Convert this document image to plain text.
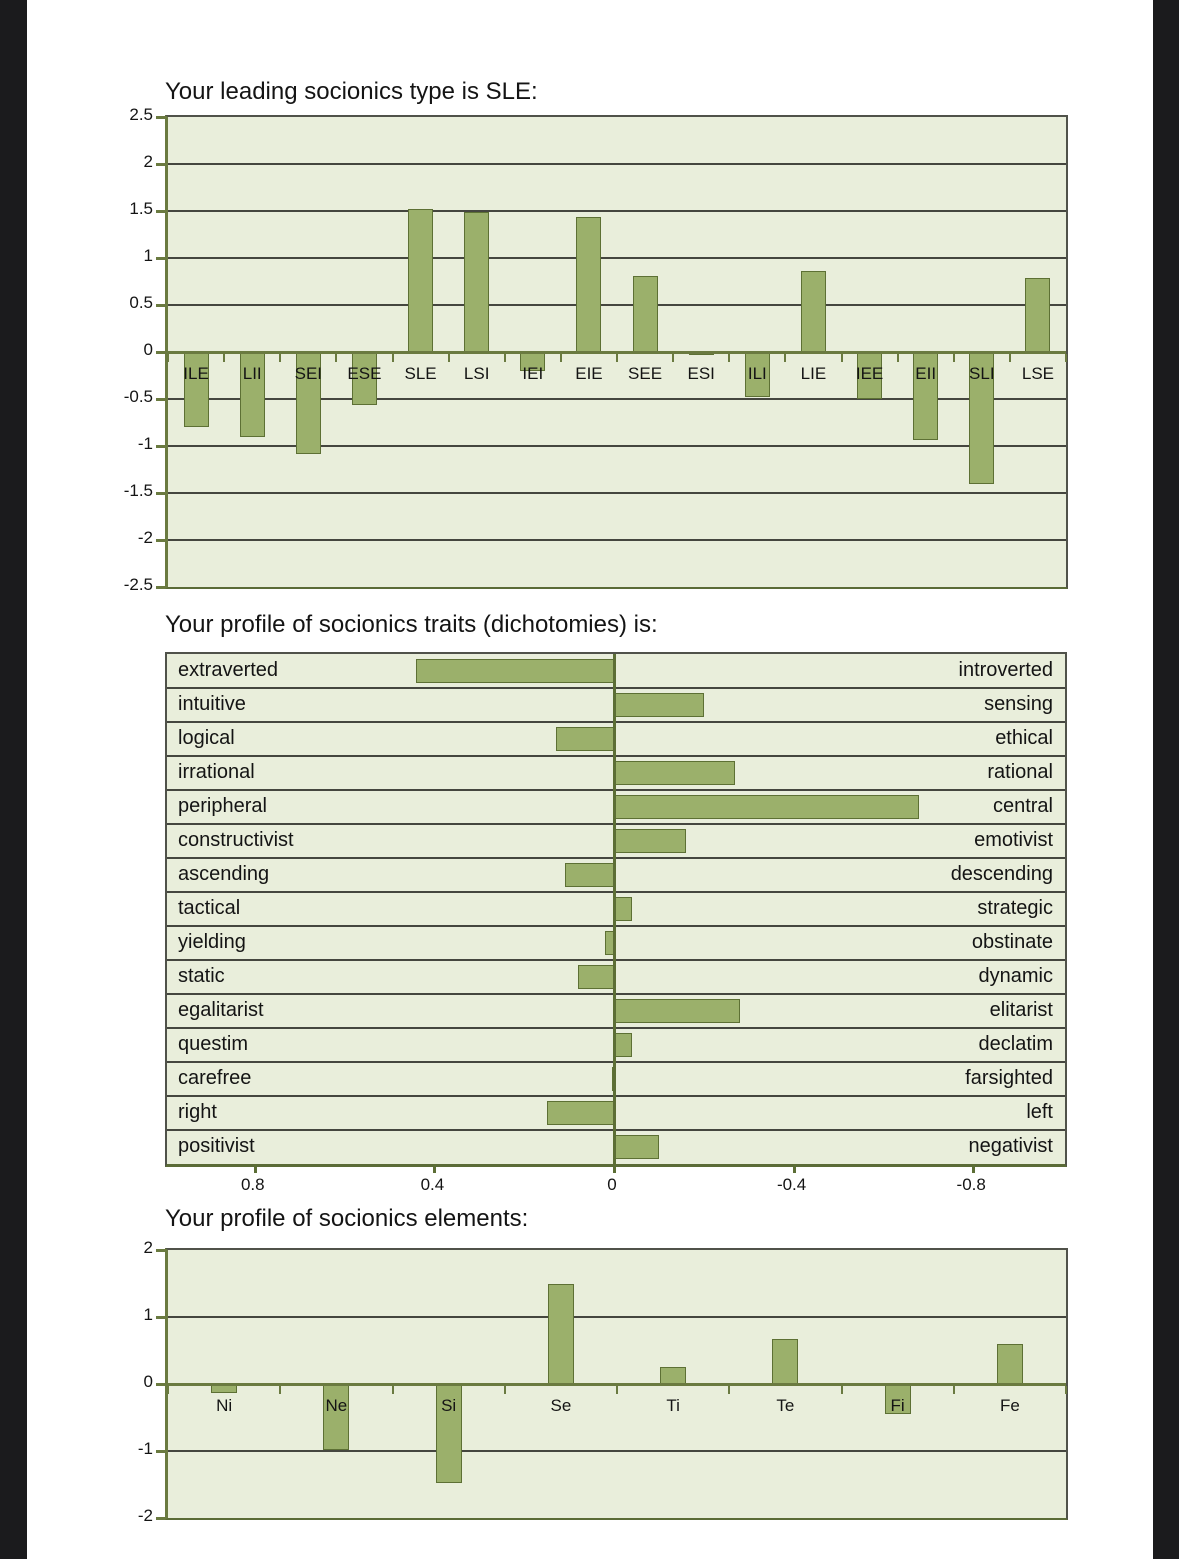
Your leading socionics type is SLE:
ILE LII SEI ESE SLE LSI IEI EIE SEE ESI ILI LIE IEE EII SLI LSE
Your profile of socionics traits (dichotomies) is:
extraverted	introverted
intuitive	sensing
logical	ethical
irrational	rational
peripheral	central
constructivist	emotivist
ascending	descending
tactical	strategic
yielding	obstinate
static	dynamic
egalitarist	elitarist
questim	declatim
carefree	farsighted
right	left
positivist	negativist
Your profile of socionics elements:
Ni	Ne	Si	Se	Ti	Te	Fi	Fe
2.5
2
1.5
1
0.5
0
-0.5
-1
-1.5
-2
-2.5
0.8	0.4	0	-0.4	-0.8
2
1
0
-1
-2
